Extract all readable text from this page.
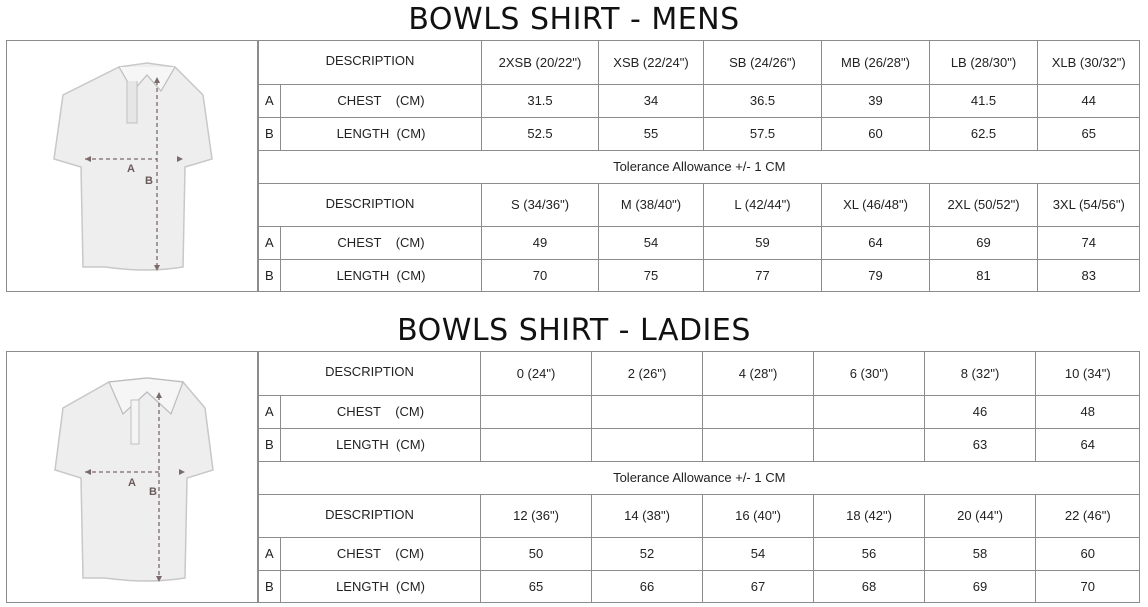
BOWLS SHIRT - MENS
A
B
DESCRIPTION		2XSB (20/22")	XSB (22/24")	SB (24/26")	MB (26/28")	LB (28/30")	XLB (30/32")
A	CHEST    (CM)	31.5	34	36.5	39	41.5	44
B	LENGTH  (CM)	52.5	55	57.5	60	62.5	65
Tolerance Allowance +/- 1 CM							
DESCRIPTION		S (34/36")	M (38/40")	L (42/44")	XL (46/48")	2XL (50/52")	3XL (54/56")
A	CHEST    (CM)	49	54	59	64	69	74
B	LENGTH  (CM)	70	75	77	79	81	83
BOWLS SHIRT - LADIES
A
B
DESCRIPTION		0 (24")	2 (26")	4 (28")	6 (30")	8 (32")	10 (34")
A	CHEST    (CM)					46	48
B	LENGTH  (CM)					63	64
Tolerance Allowance +/- 1 CM							
DESCRIPTION		12 (36")	14 (38")	16 (40")	18 (42")	20 (44")	22 (46")
A	CHEST    (CM)	50	52	54	56	58	60
B	LENGTH  (CM)	65	66	67	68	69	70
